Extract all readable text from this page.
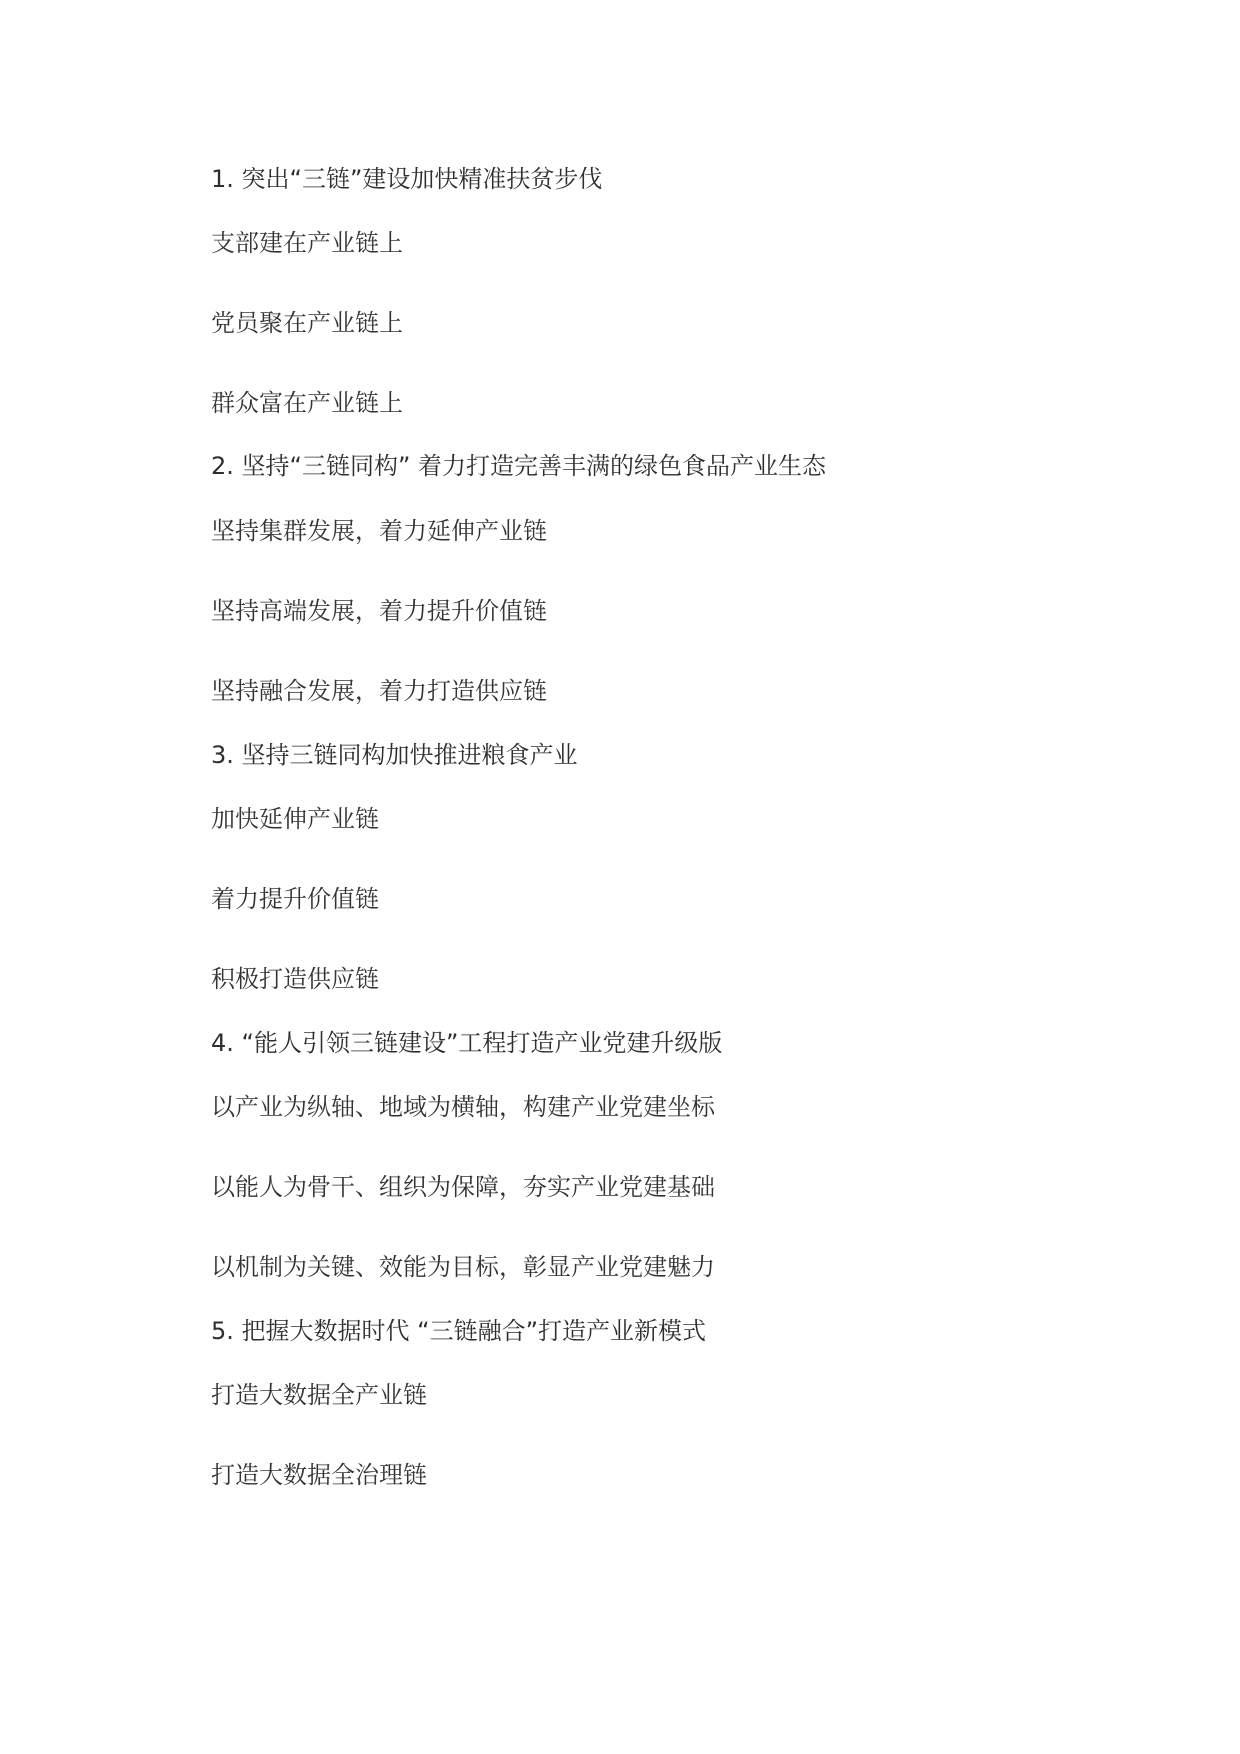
1. 突出“三链”建设加快精准扶贫步伐
支部建在产业链上
党员聚在产业链上
群众富在产业链上
2. 坚持“三链同构” 着力打造完善丰满的绿色食品产业生态
坚持集群发展，着力延伸产业链
坚持高端发展，着力提升价值链
坚持融合发展，着力打造供应链
3. 坚持三链同构加快推进粮食产业
加快延伸产业链
着力提升价值链
积极打造供应链
4. “能人引领三链建设”工程打造产业党建升级版
以产业为纵轴、地域为横轴，构建产业党建坐标
以能人为骨干、组织为保障，夯实产业党建基础
以机制为关键、效能为目标，彰显产业党建魅力
5. 把握大数据时代 “三链融合”打造产业新模式
打造大数据全产业链
打造大数据全治理链
